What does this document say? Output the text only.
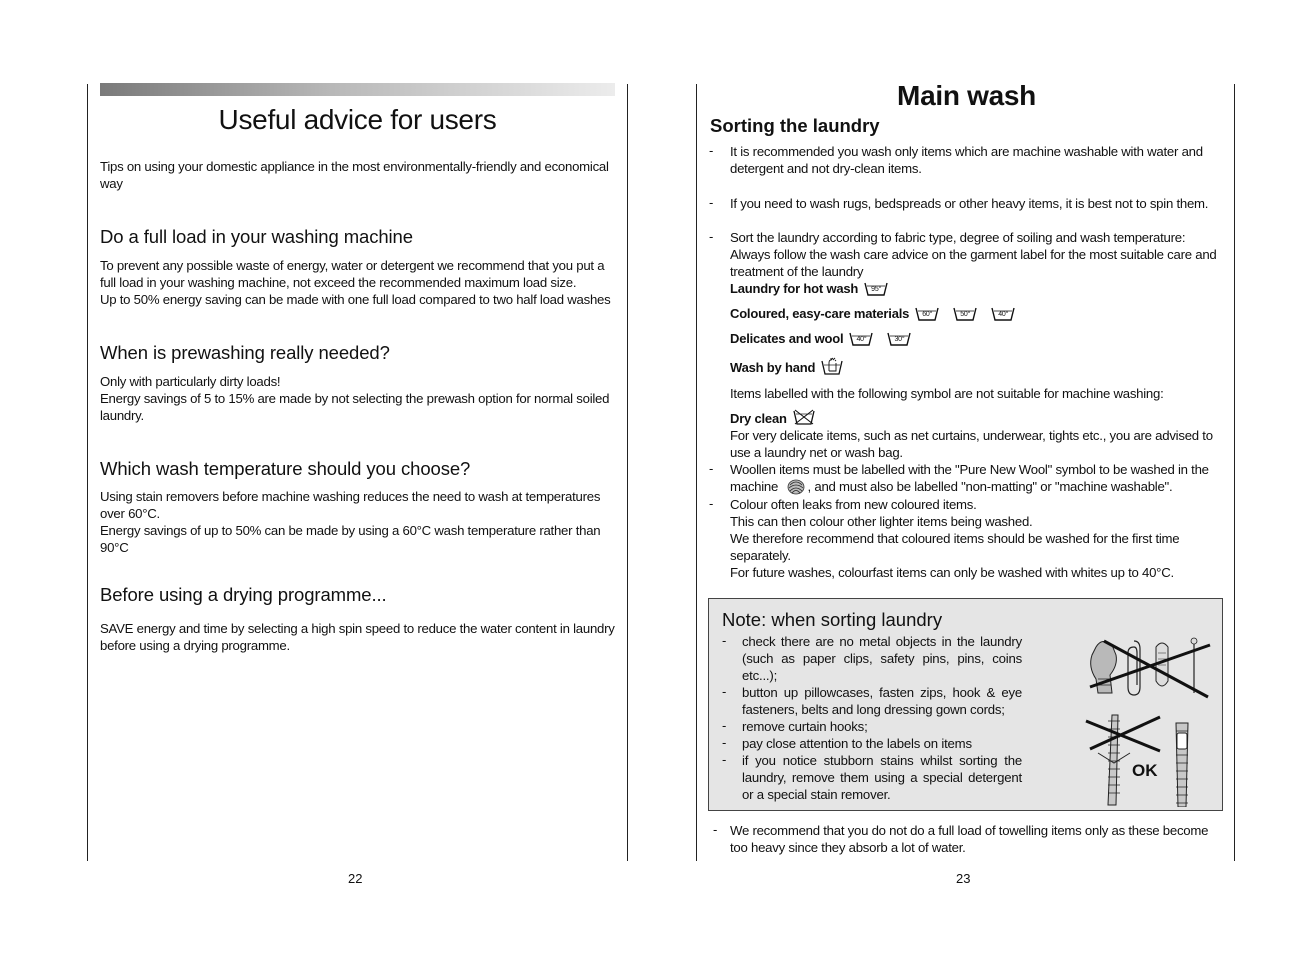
Useful advice for users
Tips on using your domestic appliance in the most environmentally-friendly and economical way
Do a full load in your washing machine
To prevent any possible waste of energy, water or detergent we recommend that you put a full load in your washing machine, not exceed the recommended maximum load size.
Up to 50% energy saving can be made with one full load compared to two half load washes
When is prewashing really needed?
Only with particularly dirty loads!
Energy savings of 5 to 15% are made by not selecting the prewash option for normal soiled laundry.
Which wash temperature should you choose?
Using stain removers before machine washing reduces the need to wash at temperatures over 60°C.
Energy savings of up to 50% can be made by using a 60°C wash temperature rather than 90°C
Before using a drying programme...
SAVE energy and time by selecting a high spin speed to reduce the water content in laundry before using a drying programme.
22
Main wash
Sorting the laundry
- It is recommended you wash only items which are machine washable with water and detergent and not dry-clean items.
- If you need to wash rugs, bedspreads or other heavy items, it is best not to spin them.
- Sort the laundry according to fabric type, degree of soiling and wash temperature: Always follow the wash care advice on the garment label for the most suitable care and treatment of the laundry
Laundry for hot wash 95°
Coloured, easy-care materials 60°	50°	40°
Delicates and wool 40°	30°
Wash by hand
Items labelled with the following symbol are not suitable for machine washing:
Dry clean
For very delicate items, such as net curtains, underwear, tights etc., you are advised to use a laundry net or wash bag.
- Woollen items must be labelled with the "Pure New Wool" symbol to be washed in the machine , and must also be labelled "non-matting" or "machine washable".
- Colour often leaks from new coloured items.
This can then colour other lighter items being washed.
We therefore recommend that coloured items should be washed for the first time separately.
For future washes, colourfast items can only be washed with whites up to 40°C.
Note: when sorting laundry
- check there are no metal objects in the laundry (such as paper clips, safety pins, pins, coins etc...);
- button up pillowcases, fasten zips, hook & eye fasteners, belts and long dressing gown cords;
- remove curtain hooks;
- pay close attention to the labels on items
- if you notice stubborn stains whilst sorting the laundry, remove them using a special detergent or a special stain remover.
OK
- We recommend that you do not do a full load of towelling items only as these become too heavy since they absorb a lot of water.
23
